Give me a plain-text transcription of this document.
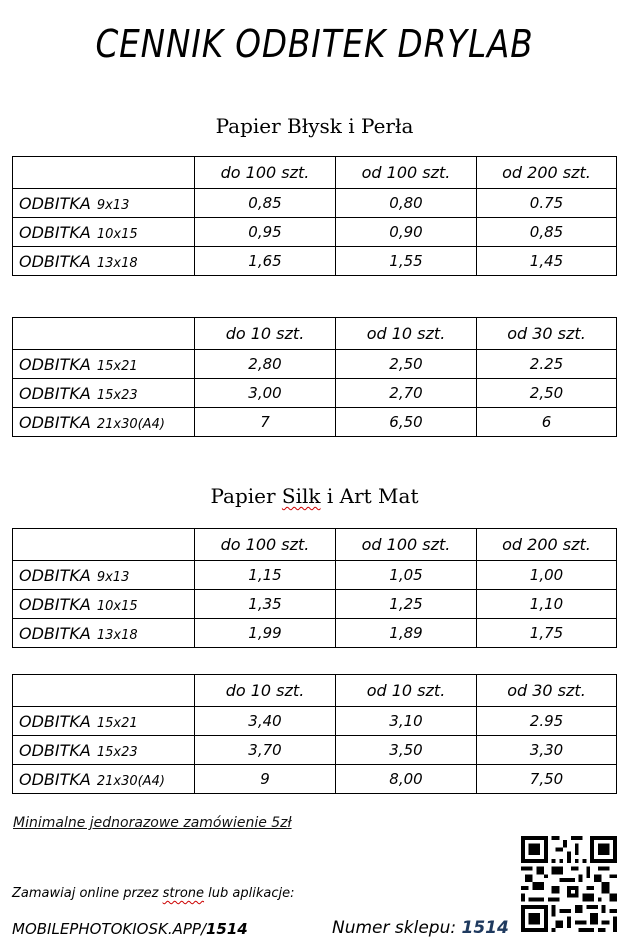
CENNIK ODBITEK DRYLAB
Papier Błysk i Perła
	do 100 szt.	od 100 szt.	od 200 szt.
ODBITKA 9x13	0,85	0,80	0.75
ODBITKA 10x15	0,95	0,90	0,85
ODBITKA 13x18	1,65	1,55	1,45
	do 10 szt.	od 10 szt.	od 30 szt.
ODBITKA 15x21	2,80	2,50	2.25
ODBITKA 15x23	3,00	2,70	2,50
ODBITKA 21x30(A4)	7	6,50	6
Papier Silk i Art Mat
	do 100 szt.	od 100 szt.	od 200 szt.
ODBITKA 9x13	1,15	1,05	1,00
ODBITKA 10x15	1,35	1,25	1,10
ODBITKA 13x18	1,99	1,89	1,75
	do 10 szt.	od 10 szt.	od 30 szt.
ODBITKA 15x21	3,40	3,10	2.95
ODBITKA 15x23	3,70	3,50	3,30
ODBITKA 21x30(A4)	9	8,00	7,50
Minimalne jednorazowe zamówienie 5zł
Zamawiaj online przez strone lub aplikacje:
MOBILEPHOTOKIOSK.APP/1514	Numer sklepu: 1514
